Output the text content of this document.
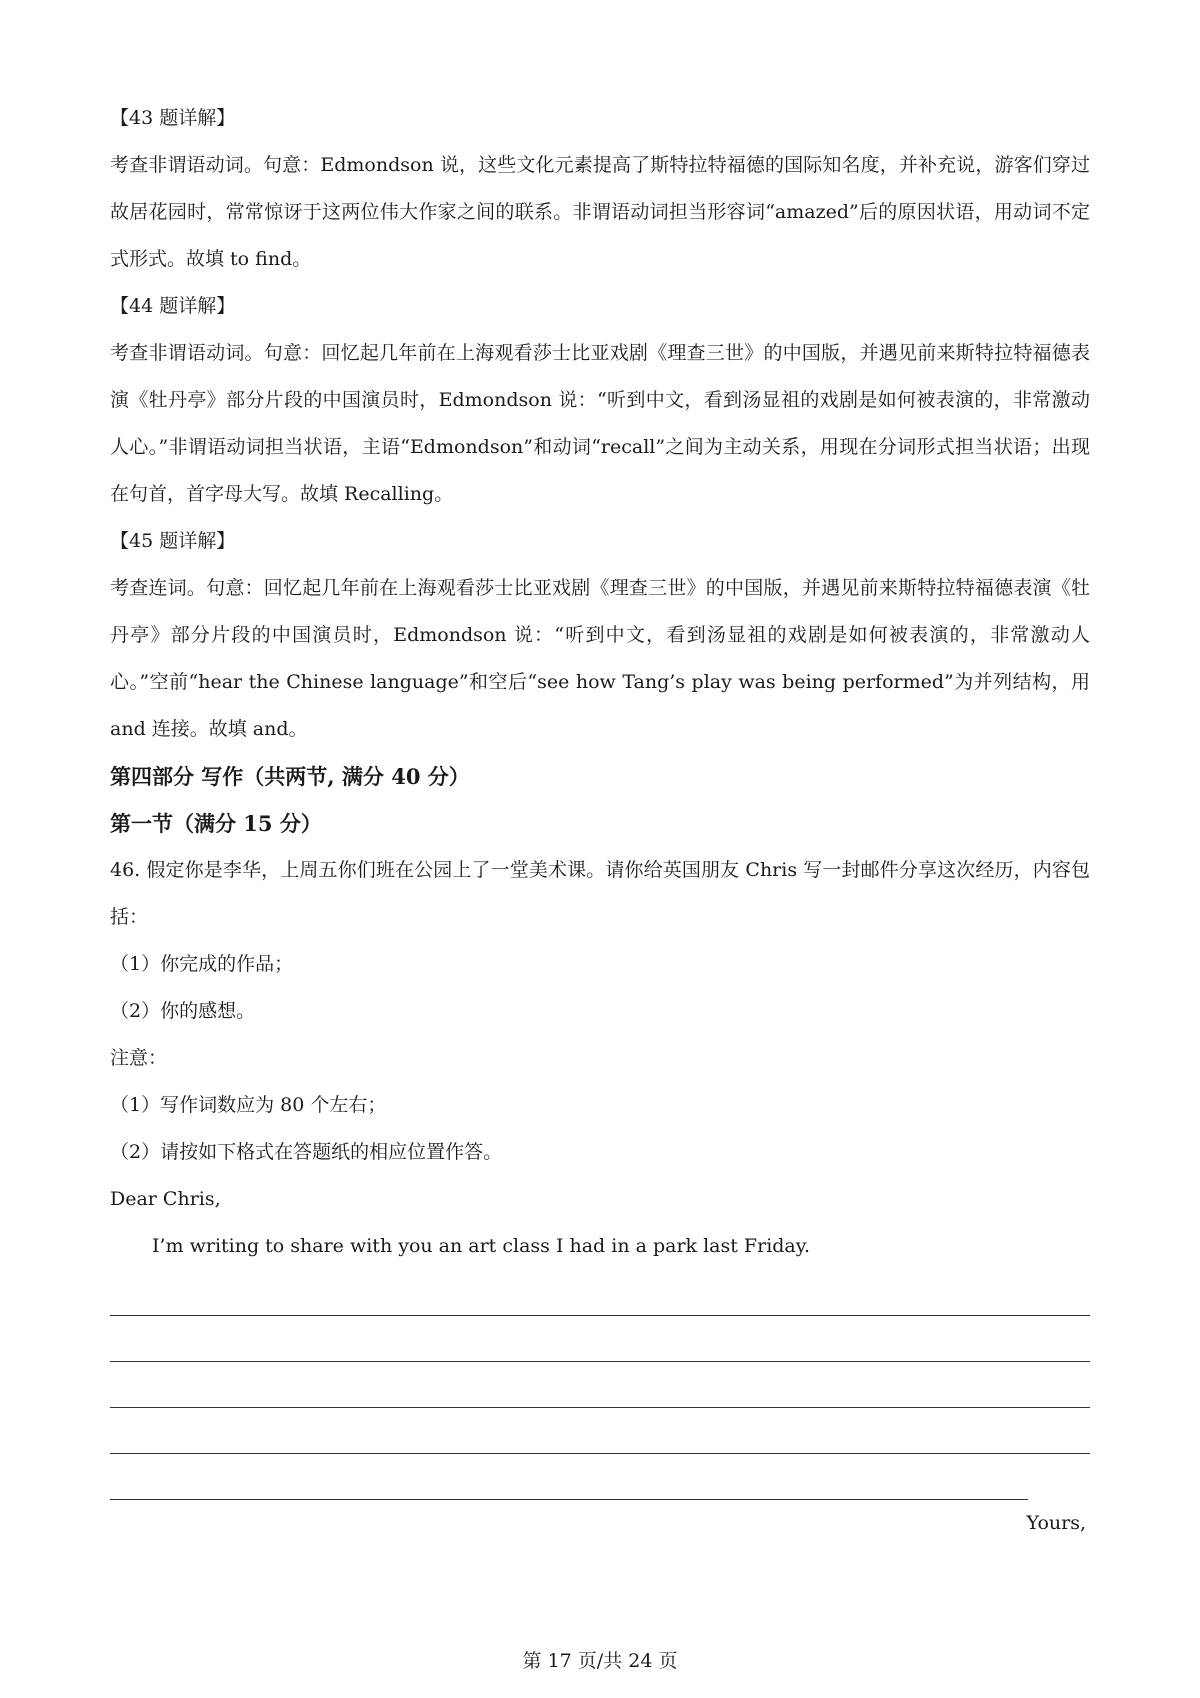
【43 题详解】

考查非谓语动词。句意：Edmondson 说，这些文化元素提高了斯特拉特福德的国际知名度，并补充说，游客们穿过故居花园时，常常惊讶于这两位伟大作家之间的联系。非谓语动词担当形容词“amazed”后的原因状语，用动词不定式形式。故填 to find。

【44 题详解】

考查非谓语动词。句意：回忆起几年前在上海观看莎士比亚戏剧《理查三世》的中国版，并遇见前来斯特拉特福德表演《牡丹亭》部分片段的中国演员时，Edmondson 说：“听到中文，看到汤显祖的戏剧是如何被表演的，非常激动人心。”非谓语动词担当状语，主语“Edmondson”和动词“recall”之间为主动关系，用现在分词形式担当状语；出现在句首，首字母大写。故填 Recalling。

【45 题详解】

考查连词。句意：回忆起几年前在上海观看莎士比亚戏剧《理查三世》的中国版，并遇见前来斯特拉特福德表演《牡丹亭》部分片段的中国演员时，Edmondson 说：“听到中文，看到汤显祖的戏剧是如何被表演的，非常激动人心。”空前“hear the Chinese language”和空后“see how Tang’s play was being performed”为并列结构，用 and 连接。故填 and。

第四部分 写作（共两节, 满分 40 分）

第一节（满分 15 分）

46. 假定你是李华，上周五你们班在公园上了一堂美术课。请你给英国朋友 Chris 写一封邮件分享这次经历，内容包括：

（1）你完成的作品；

（2）你的感想。

注意：

（1）写作词数应为 80 个左右；

（2）请按如下格式在答题纸的相应位置作答。

Dear Chris,

I’m writing to share with you an art class I had in a park last Friday.

Yours,

第 17 页/共 24 页
